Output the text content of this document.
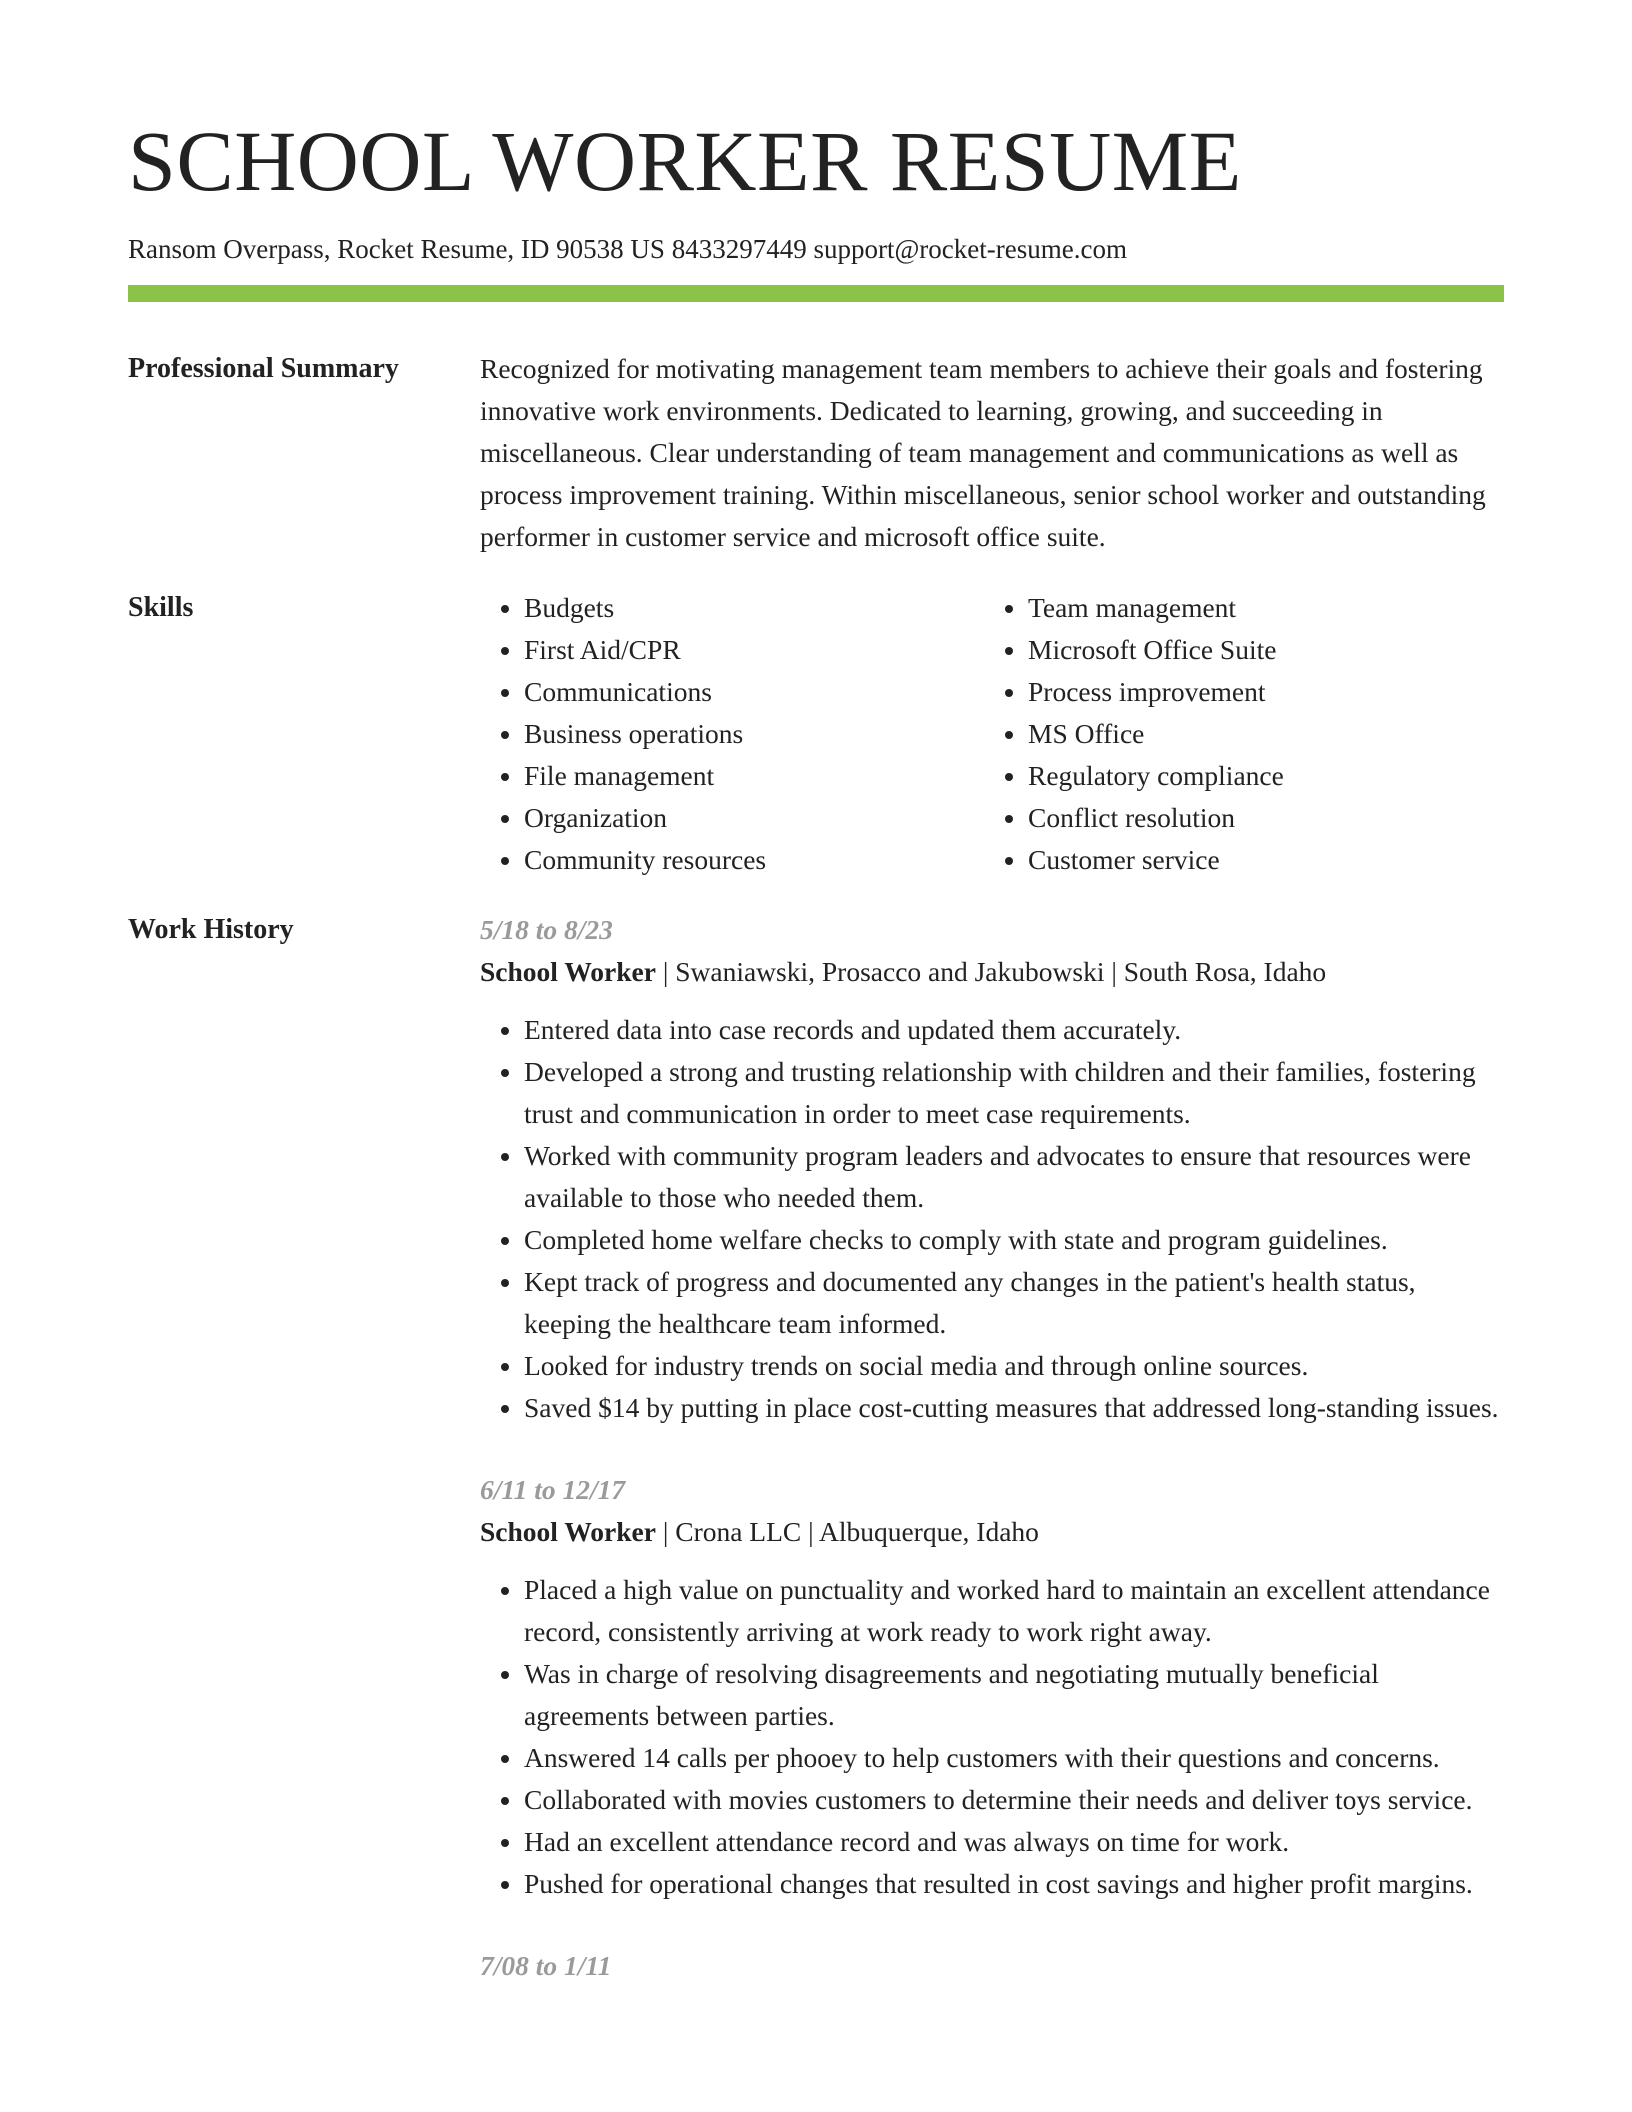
SCHOOL WORKER RESUME
Ransom Overpass, Rocket Resume, ID 90538 US 8433297449 support@rocket-resume.com
Professional Summary	Recognized for motivating management team members to achieve their goals and fostering innovative work environments. Dedicated to learning, growing, and succeeding in miscellaneous. Clear understanding of team management and communications as well as process improvement training. Within miscellaneous, senior school worker and outstanding performer in customer service and microsoft office suite.

Skills
•	Budgets
• First Aid/CPR
• Communications
• Business operations
• File management
• Organization
• Community resources
• Team management
• Microsoft Office Suite
• Process improvement
• MS Office
• Regulatory compliance
• Conflict resolution
• Customer service
Work History	5/18 to 8/23
School Worker | Swaniawski, Prosacco and Jakubowski | South Rosa, Idaho
• Entered data into case records and updated them accurately.
• Developed a strong and trusting relationship with children and their families, fostering trust and communication in order to meet case requirements.
• Worked with community program leaders and advocates to ensure that resources were available to those who needed them.
• Completed home welfare checks to comply with state and program guidelines.
• Kept track of progress and documented any changes in the patient's health status, keeping the healthcare team informed.
• Looked for industry trends on social media and through online sources.
• Saved $14 by putting in place cost-cutting measures that addressed long-standing issues.
6/11 to 12/17
School Worker | Crona LLC | Albuquerque, Idaho
• Placed a high value on punctuality and worked hard to maintain an excellent attendance record, consistently arriving at work ready to work right away.
• Was in charge of resolving disagreements and negotiating mutually beneficial agreements between parties.
• Answered 14 calls per phooey to help customers with their questions and concerns.
• Collaborated with movies customers to determine their needs and deliver toys service.
• Had an excellent attendance record and was always on time for work.
• Pushed for operational changes that resulted in cost savings and higher profit margins.
7/08 to 1/11
